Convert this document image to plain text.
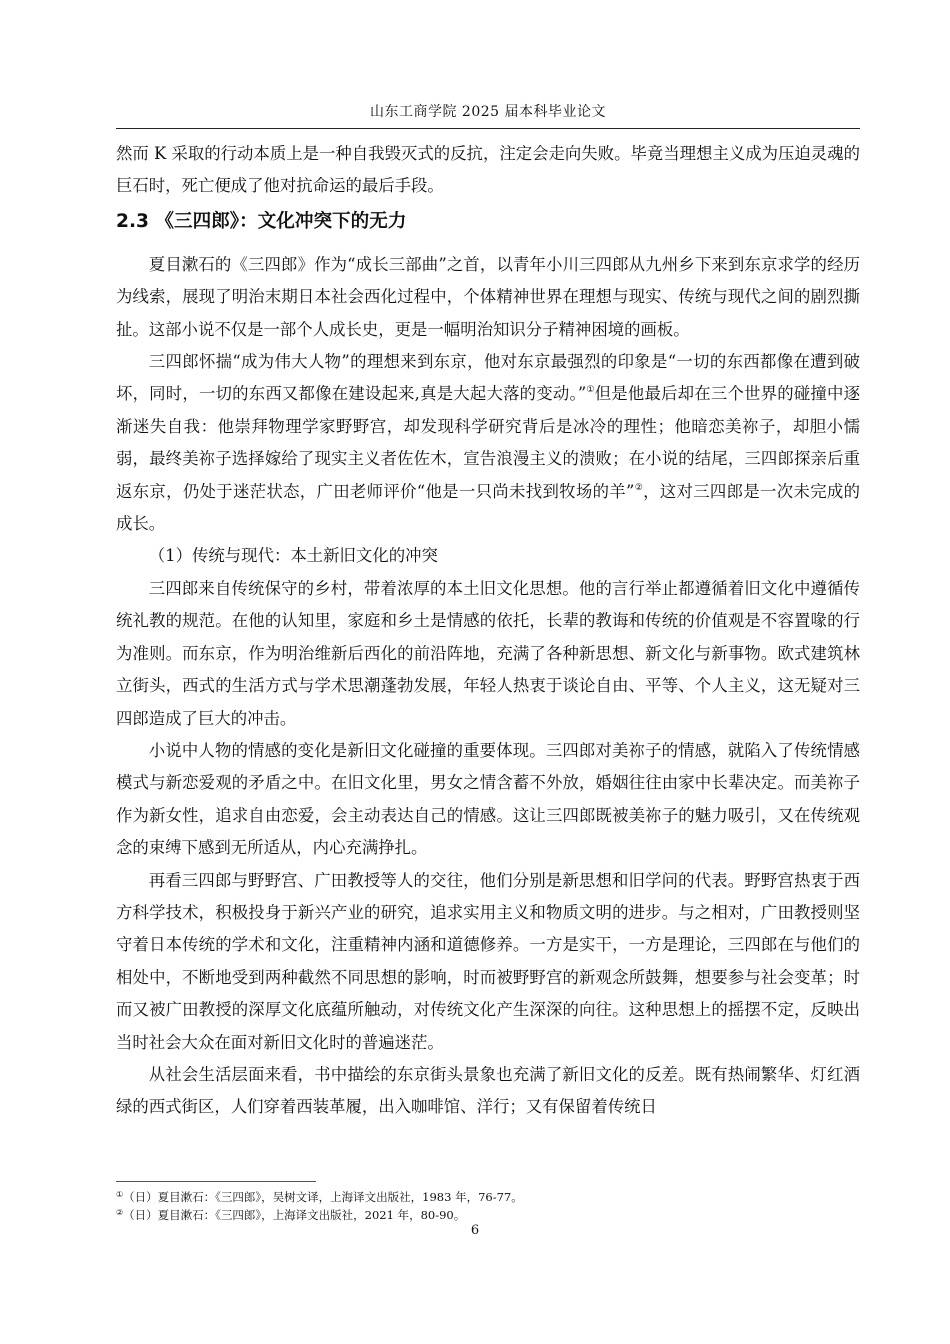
山东工商学院 2025 届本科毕业论文

然而 K 采取的行动本质上是一种自我毁灭式的反抗，注定会走向失败。毕竟当理想主义成为压迫灵魂的巨石时，死亡便成了他对抗命运的最后手段。

2.3 《三四郎》：文化冲突下的无力

夏目漱石的《三四郎》作为“成长三部曲”之首，以青年小川三四郎从九州乡下来到东京求学的经历为线索，展现了明治末期日本社会西化过程中，个体精神世界在理想与现实、传统与现代之间的剧烈撕扯。这部小说不仅是一部个人成长史，更是一幅明治知识分子精神困境的画板。

三四郎怀揣“成为伟大人物”的理想来到东京，他对东京最强烈的印象是“一切的东西都像在遭到破坏，同时，一切的东西又都像在建设起来,真是大起大落的变动。”①但是他最后却在三个世界的碰撞中逐渐迷失自我：他崇拜物理学家野野宫，却发现科学研究背后是冰冷的理性；他暗恋美祢子，却胆小懦弱，最终美祢子选择嫁给了现实主义者佐佐木，宣告浪漫主义的溃败；在小说的结尾，三四郎探亲后重返东京，仍处于迷茫状态，广田老师评价“他是一只尚未找到牧场的羊”②，这对三四郎是一次未完成的成长。

（1）传统与现代：本土新旧文化的冲突

三四郎来自传统保守的乡村，带着浓厚的本土旧文化思想。他的言行举止都遵循着旧文化中遵循传统礼教的规范。在他的认知里，家庭和乡土是情感的依托，长辈的教诲和传统的价值观是不容置喙的行为准则。而东京，作为明治维新后西化的前沿阵地，充满了各种新思想、新文化与新事物。欧式建筑林立街头，西式的生活方式与学术思潮蓬勃发展，年轻人热衷于谈论自由、平等、个人主义，这无疑对三四郎造成了巨大的冲击。

小说中人物的情感的变化是新旧文化碰撞的重要体现。三四郎对美祢子的情感，就陷入了传统情感模式与新恋爱观的矛盾之中。在旧文化里，男女之情含蓄不外放，婚姻往往由家中长辈决定。而美祢子作为新女性，追求自由恋爱，会主动表达自己的情感。这让三四郎既被美祢子的魅力吸引，又在传统观念的束缚下感到无所适从，内心充满挣扎。

再看三四郎与野野宫、广田教授等人的交往，他们分别是新思想和旧学问的代表。野野宫热衷于西方科学技术，积极投身于新兴产业的研究，追求实用主义和物质文明的进步。与之相对，广田教授则坚守着日本传统的学术和文化，注重精神内涵和道德修养。一方是实干，一方是理论，三四郎在与他们的相处中，不断地受到两种截然不同思想的影响，时而被野野宫的新观念所鼓舞，想要参与社会变革；时而又被广田教授的深厚文化底蕴所触动，对传统文化产生深深的向往。这种思想上的摇摆不定，反映出当时社会大众在面对新旧文化时的普遍迷茫。

从社会生活层面来看，书中描绘的东京街头景象也充满了新旧文化的反差。既有热闹繁华、灯红酒绿的西式街区，人们穿着西装革履，出入咖啡馆、洋行；又有保留着传统日

①（日）夏目漱石：《三四郎》，吴树文译，上海译文出版社，1983 年，76-77。

②（日）夏目漱石：《三四郎》，上海译文出版社，2021 年，80-90。

6
